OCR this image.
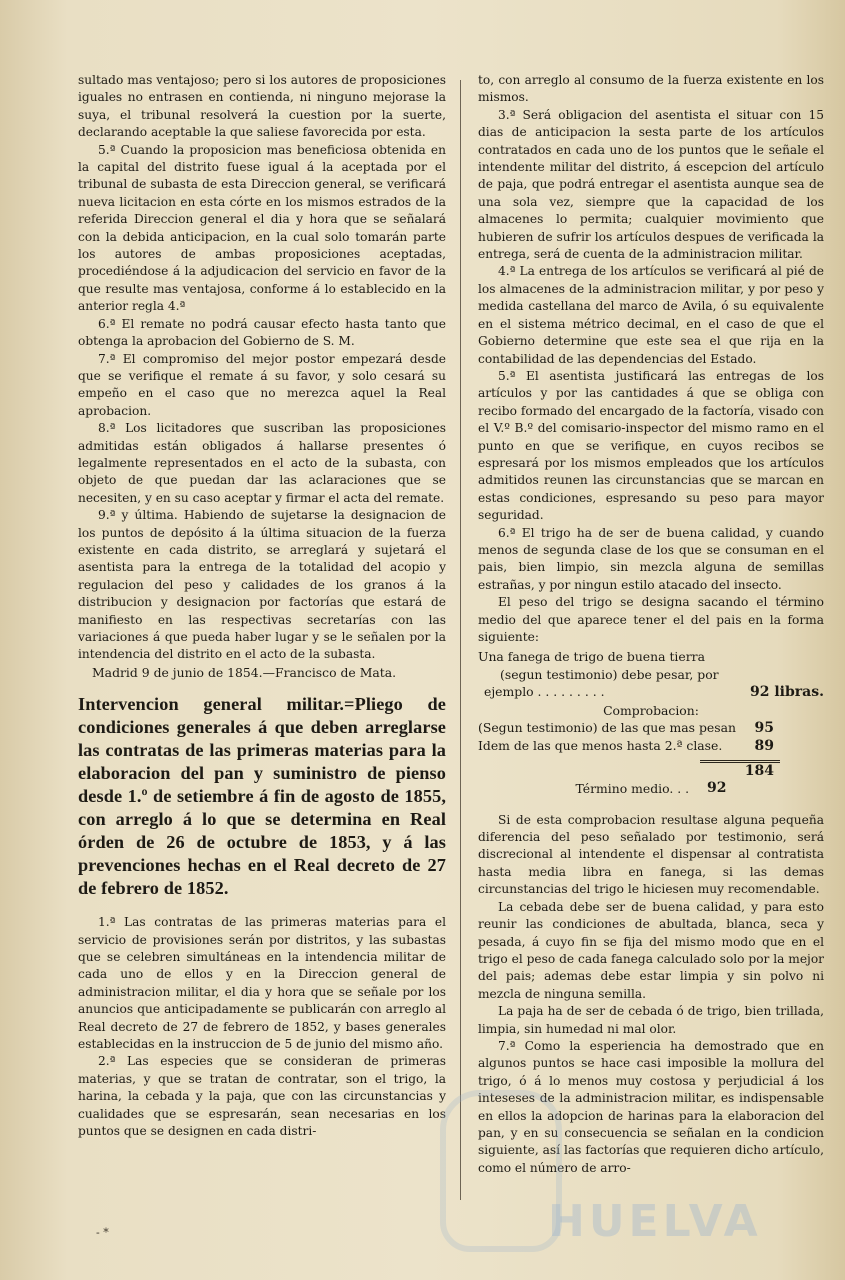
sultado mas ventajoso; pero si los autores de proposiciones iguales no entrasen en contienda, ni ninguno mejorase la suya, el tribunal resolverá la cuestion por la suerte, declarando aceptable la que saliese favorecida por esta.

5.ª Cuando la proposicion mas beneficiosa obtenida en la capital del distrito fuese igual á la aceptada por el tribunal de subasta de esta Direccion general, se verificará nueva licitacion en esta córte en los mismos estrados de la referida Direccion general el dia y hora que se señalará con la debida anticipacion, en la cual solo tomarán parte los autores de ambas proposiciones aceptadas, procediéndose á la adjudicacion del servicio en favor de la que resulte mas ventajosa, conforme á lo establecido en la anterior regla 4.ª

6.ª El remate no podrá causar efecto hasta tanto que obtenga la aprobacion del Gobierno de S. M.

7.ª El compromiso del mejor postor empezará desde que se verifique el remate á su favor, y solo cesará su empeño en el caso que no merezca aquel la Real aprobacion.

8.ª Los licitadores que suscriban las proposiciones admitidas están obligados á hallarse presentes ó legalmente representados en el acto de la subasta, con objeto de que puedan dar las aclaraciones que se necesiten, y en su caso aceptar y firmar el acta del remate.

9.ª y última. Habiendo de sujetarse la designacion de los puntos de depósito á la última situacion de la fuerza existente en cada distrito, se arreglará y sujetará el asentista para la entrega de la totalidad del acopio y regulacion del peso y calidades de los granos á la distribucion y designacion por factorías que estará de manifiesto en las respectivas secretarías con las variaciones á que pueda haber lugar y se le señalen por la intendencia del distrito en el acto de la subasta.

Madrid 9 de junio de 1854.—Francisco de Mata.

Intervencion general militar.=Pliego de condiciones generales á que deben arreglarse las contratas de las primeras materias para la elaboracion del pan y suministro de pienso desde 1.º de setiembre á fin de agosto de 1855, con arreglo á lo que se determina en Real órden de 26 de octubre de 1853, y á las prevenciones hechas en el Real decreto de 27 de febrero de 1852.

1.ª Las contratas de las primeras materias para el servicio de provisiones serán por distritos, y las subastas que se celebren simultáneas en la intendencia militar de cada uno de ellos y en la Direccion general de administracion militar, el dia y hora que se señale por los anuncios que anticipadamente se publicarán con arreglo al Real decreto de 27 de febrero de 1852, y bases generales establecidas en la instruccion de 5 de junio del mismo año.

2.ª Las especies que se consideran de primeras materias, y que se tratan de contratar, son el trigo, la harina, la cebada y la paja, que con las circunstancias y cualidades que se espresarán, sean necesarias en los puntos que se designen en cada distri-

to, con arreglo al consumo de la fuerza existente en los mismos.

3.ª Será obligacion del asentista el situar con 15 dias de anticipacion la sesta parte de los artículos contratados en cada uno de los puntos que le señale el intendente militar del distrito, á escepcion del artículo de paja, que podrá entregar el asentista aunque sea de una sola vez, siempre que la capacidad de los almacenes lo permita; cualquier movimiento que hubieren de sufrir los artículos despues de verificada la entrega, será de cuenta de la administracion militar.

4.ª La entrega de los artículos se verificará al pié de los almacenes de la administracion militar, y por peso y medida castellana del marco de Avila, ó su equivalente en el sistema métrico decimal, en el caso de que el Gobierno determine que este sea el que rija en la contabilidad de las dependencias del Estado.

5.ª El asentista justificará las entregas de los artículos y por las cantidades á que se obliga con recibo formado del encargado de la factoría, visado con el V.º B.º del comisario-inspector del mismo ramo en el punto en que se verifique, en cuyos recibos se espresará por los mismos empleados que los artículos admitidos reunen las circunstancias que se marcan en estas condiciones, espresando su peso para mayor seguridad.

6.ª El trigo ha de ser de buena calidad, y cuando menos de segunda clase de los que se consuman en el pais, bien limpio, sin mezcla alguna de semillas estrañas, y por ningun estilo atacado del insecto.

El peso del trigo se designa sacando el término medio del que aparece tener el del pais en la forma siguiente:

Una fanega de trigo de buena tierra
(segun testimonio) debe pesar, por
ejemplo . . . . . . . . .	92 libras.
Comprobacion:
(Segun testimonio) de las que mas pesan 95
Idem de las que menos hasta 2.ª clase. 89
184
Término medio. . . 92

Si de esta comprobacion resultase alguna pequeña diferencia del peso señalado por testimonio, será discrecional al intendente el dispensar al contratista hasta media libra en fanega, si las demas circunstancias del trigo le hiciesen muy recomendable.

La cebada debe ser de buena calidad, y para esto reunir las condiciones de abultada, blanca, seca y pesada, á cuyo fin se fija del mismo modo que en el trigo el peso de cada fanega calculado solo por la mejor del pais; ademas debe estar limpia y sin polvo ni mezcla de ninguna semilla.

La paja ha de ser de cebada ó de trigo, bien trillada, limpia, sin humedad ni mal olor.

7.ª Como la esperiencia ha demostrado que en algunos puntos se hace casi imposible la mollura del trigo, ó á lo menos muy costosa y perjudicial á los inteseses de la administracion militar, es indispensable en ellos la adopcion de harinas para la elaboracion del pan, y en su consecuencia se señalan en la condicion siguiente, así las factorías que requieren dicho artículo, como el número de arro-

- *	HUELVA
